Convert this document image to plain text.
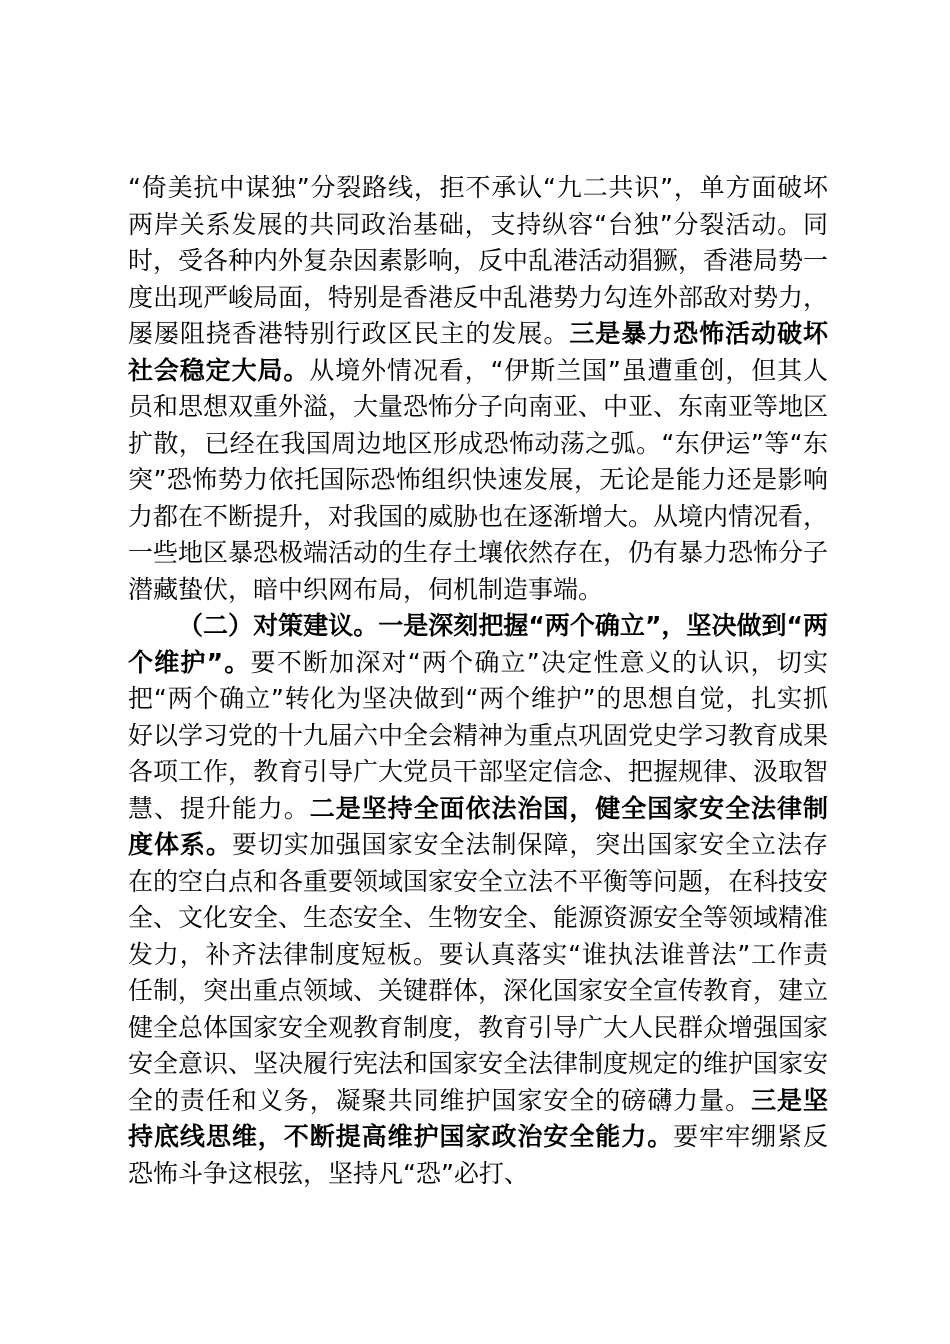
“倚美抗中谋独”分裂路线，拒不承认“九二共识”，单方面破坏两岸关系发展的共同政治基础，支持纵容“台独”分裂活动。同时，受各种内外复杂因素影响，反中乱港活动猖獗，香港局势一度出现严峻局面，特别是香港反中乱港势力勾连外部敌对势力，屡屡阻挠香港特别行政区民主的发展。三是暴力恐怖活动破坏社会稳定大局。从境外情况看，“伊斯兰国”虽遭重创，但其人员和思想双重外溢，大量恐怖分子向南亚、中亚、东南亚等地区扩散，已经在我国周边地区形成恐怖动荡之弧。“东伊运”等“东突”恐怖势力依托国际恐怖组织快速发展，无论是能力还是影响力都在不断提升，对我国的威胁也在逐渐增大。从境内情况看，一些地区暴恐极端活动的生存土壤依然存在，仍有暴力恐怖分子潜藏蛰伏，暗中织网布局，伺机制造事端。

（二）对策建议。一是深刻把握“两个确立”，坚决做到“两个维护”。要不断加深对“两个确立”决定性意义的认识，切实把“两个确立”转化为坚决做到“两个维护”的思想自觉，扎实抓好以学习党的十九届六中全会精神为重点巩固党史学习教育成果各项工作，教育引导广大党员干部坚定信念、把握规律、汲取智慧、提升能力。二是坚持全面依法治国，健全国家安全法律制度体系。要切实加强国家安全法制保障，突出国家安全立法存在的空白点和各重要领域国家安全立法不平衡等问题，在科技安全、文化安全、生态安全、生物安全、能源资源安全等领域精准发力，补齐法律制度短板。要认真落实“谁执法谁普法”工作责任制，突出重点领域、关键群体，深化国家安全宣传教育，建立健全总体国家安全观教育制度，教育引导广大人民群众增强国家安全意识、坚决履行宪法和国家安全法律制度规定的维护国家安全的责任和义务，凝聚共同维护国家安全的磅礴力量。三是坚持底线思维，不断提高维护国家政治安全能力。要牢牢绷紧反恐怖斗争这根弦，坚持凡“恐”必打、
